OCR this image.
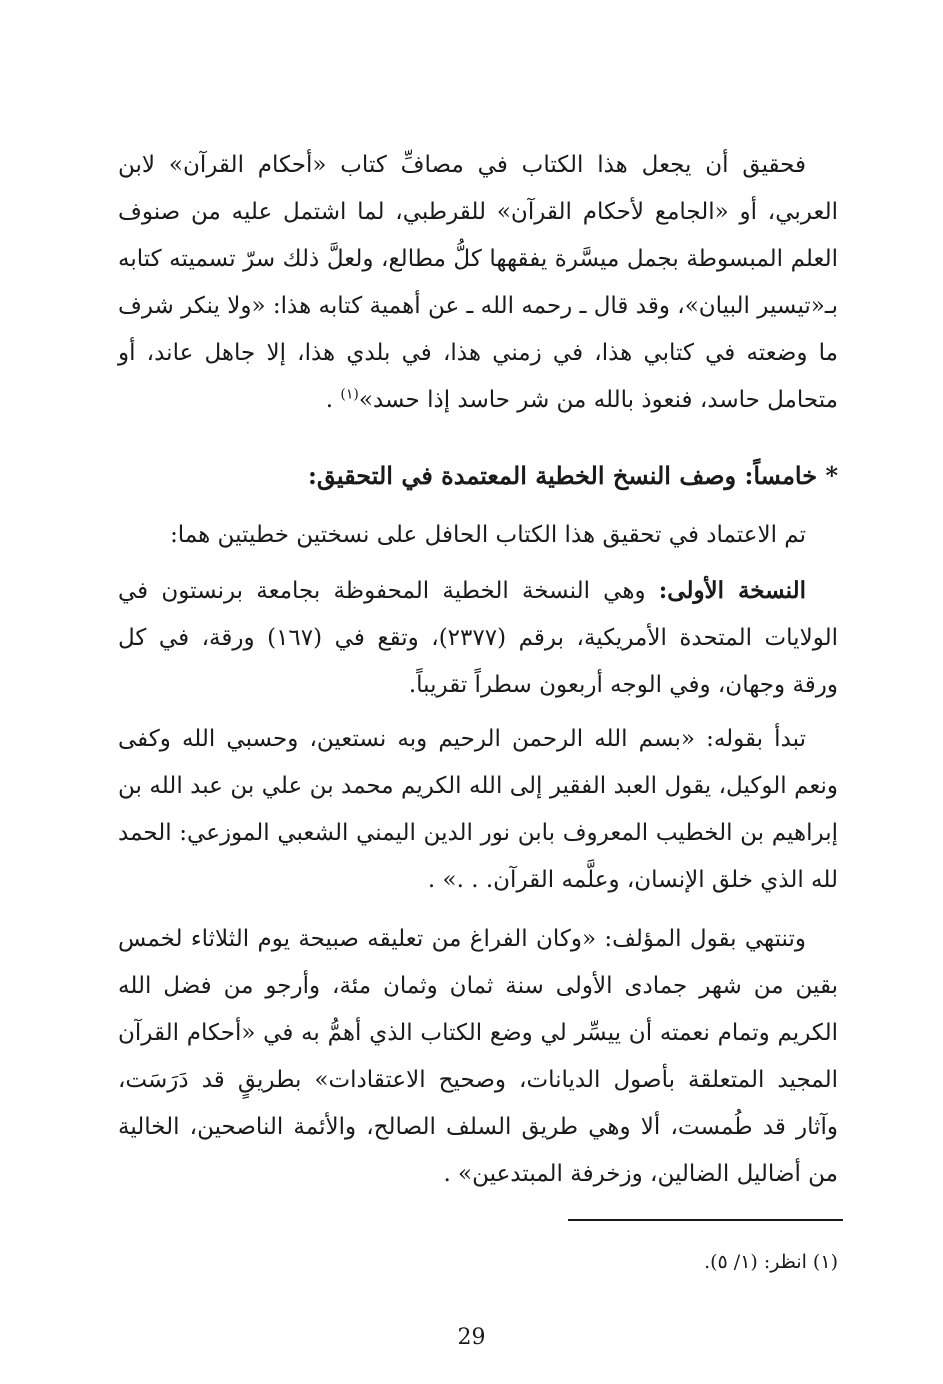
فحقيق أن يجعل هذا الكتاب في مصافِّ كتاب «أحكام القرآن» لابن العربي، أو «الجامع لأحكام القرآن» للقرطبي، لما اشتمل عليه من صنوف العلم المبسوطة بجمل ميسَّرة يفقهها كلُّ مطالع، ولعلَّ ذلك سرّ تسميته كتابه بـ«تيسير البيان»، وقد قال ـ رحمه الله ـ عن أهمية كتابه هذا: «ولا ينكر شرف ما وضعته في كتابي هذا، في زمني هذا، في بلدي هذا، إلا جاهل عاند، أو متحامل حاسد، فنعوذ بالله من شر حاسد إذا حسد»$^{(١)}$ .

* خامساً: وصف النسخ الخطية المعتمدة في التحقيق:

تم الاعتماد في تحقيق هذا الكتاب الحافل على نسختين خطيتين هما:

النسخة الأولى: وهي النسخة الخطية المحفوظة بجامعة برنستون في الولايات المتحدة الأمريكية، برقم (٢٣٧٧)، وتقع في (١٦٧) ورقة، في كل ورقة وجهان، وفي الوجه أربعون سطراً تقريباً.

تبدأ بقوله: «بسم الله الرحمن الرحيم وبه نستعين، وحسبي الله وكفى ونعم الوكيل، يقول العبد الفقير إلى الله الكريم محمد بن علي بن عبد الله بن إبراهيم بن الخطيب المعروف بابن نور الدين اليمني الشعبي الموزعي: الحمد لله الذي خلق الإنسان، وعلَّمه القرآن. . .» .

وتنتهي بقول المؤلف: «وكان الفراغ من تعليقه صبيحة يوم الثلاثاء لخمس بقين من شهر جمادى الأولى سنة ثمان وثمان مئة، وأرجو من فضل الله الكريم وتمام نعمته أن ييسِّر لي وضع الكتاب الذي أهمُّ به في «أحكام القرآن المجيد المتعلقة بأصول الديانات، وصحيح الاعتقادات» بطريقٍ قد دَرَسَت، وآثار قد طُمست، ألا وهي طريق السلف الصالح، والأئمة الناصحين، الخالية من أضاليل الضالين، وزخرفة المبتدعين» .

(١) انظر: (١/ ٥).

29
